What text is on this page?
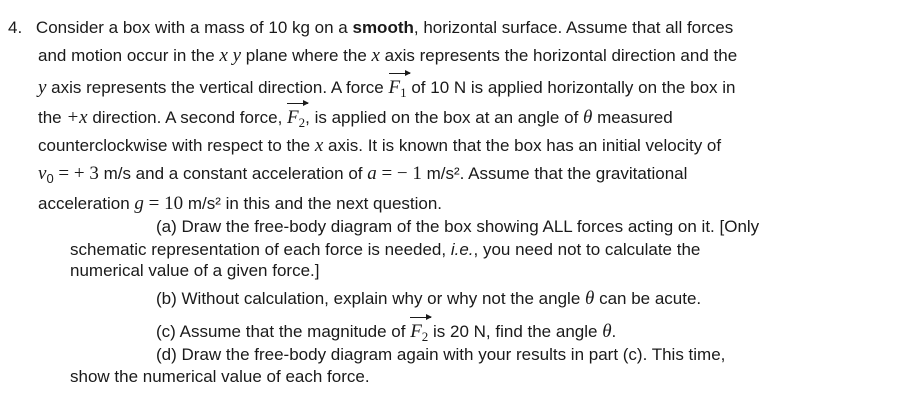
4. Consider a box with a mass of 10 kg on a smooth, horizontal surface. Assume that all forces
and motion occur in the x y plane where the x axis represents the horizontal direction and the
y axis represents the vertical direction. A force $F_1$ of 10 N is applied horizontally on the box in
the +x direction. A second force, $F_2$, is applied on the box at an angle of θ measured
counterclockwise with respect to the x axis. It is known that the box has an initial velocity of
$v_0$ = + 3 m/s and a constant acceleration of a = − 1 m/s². Assume that the gravitational
acceleration g = 10 m/s² in this and the next question.
(a) Draw the free-body diagram of the box showing ALL forces acting on it. [Only
schematic representation of each force is needed, i.e., you need not to calculate the
numerical value of a given force.]
(b) Without calculation, explain why or why not the angle θ can be acute.
(c) Assume that the magnitude of $F_2$ is 20 N, find the angle θ.
(d) Draw the free-body diagram again with your results in part (c). This time,
show the numerical value of each force.
